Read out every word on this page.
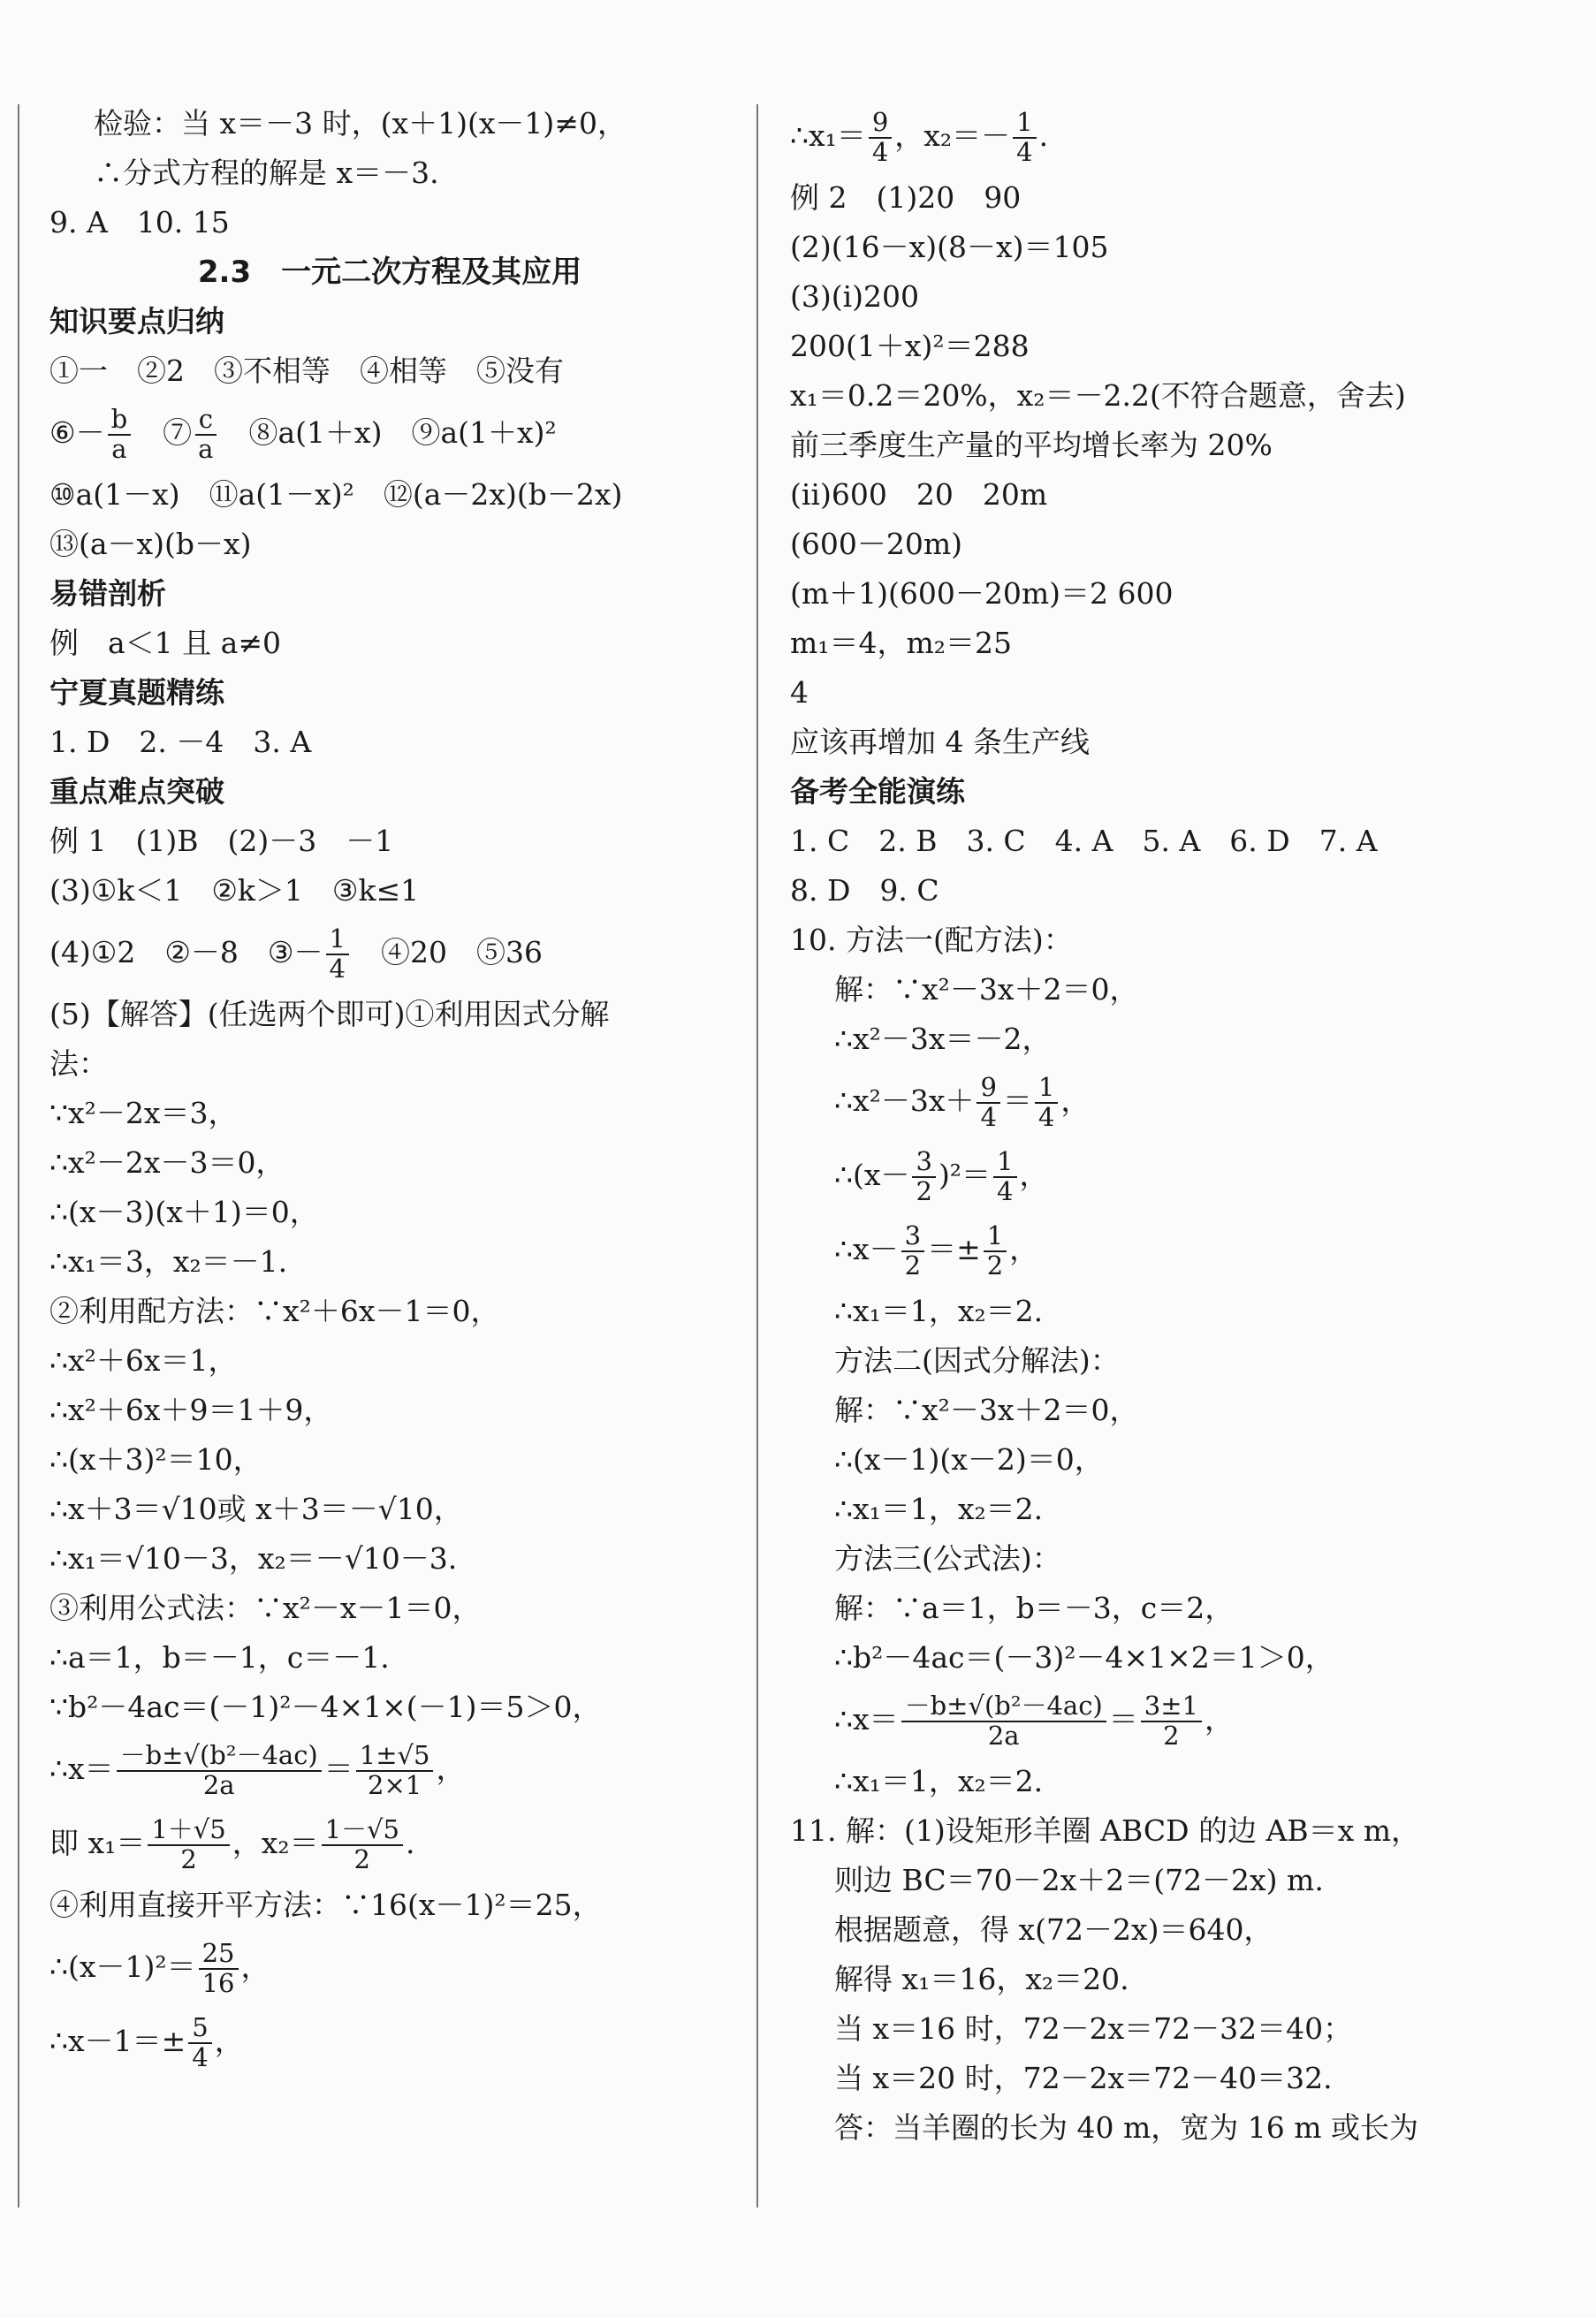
检验：当 x＝－3 时，(x＋1)(x－1)≠0，
∴分式方程的解是 x＝－3.
9. A　10. 15
2.3　一元二次方程及其应用
知识要点归纳
①一　②2　③不相等　④相等　⑤没有
⑥－ $\frac{b}{a}$ 　⑦ $\frac{c}{a}$ 　⑧a(1＋x)　⑨a(1＋x)²
⑩a(1－x)　⑪a(1－x)²　⑫(a－2x)(b－2x)
⑬(a－x)(b－x)
易错剖析
例　a＜1 且 a≠0
宁夏真题精练
1. D　2. －4　3. A
重点难点突破
例 1　(1)B　(2)－3　－1
(3)①k＜1　②k＞1　③k≤1
(4)①2　②－8　③－ $\frac{1}{4}$ 　④20　⑤36
(5)【解答】(任选两个即可)①利用因式分解
法：
∵x²－2x＝3，
∴x²－2x－3＝0，
∴(x－3)(x＋1)＝0，
∴x₁＝3，x₂＝－1.
②利用配方法：∵x²＋6x－1＝0，
∴x²＋6x＝1，
∴x²＋6x＋9＝1＋9，
∴(x＋3)²＝10，
∴x＋3＝√10或 x＋3＝－√10，
∴x₁＝√10－3，x₂＝－√10－3.
③利用公式法：∵x²－x－1＝0，
∴a＝1，b＝－1，c＝－1.
∵b²－4ac＝(－1)²－4×1×(－1)＝5＞0，
∴x＝ $\frac{\text{－b±√(b²－4ac)}}{2a} = \frac{1\pm√5}{2\times 1}$ ，
即 $x_1= \frac{1+√5}{2}$ ，$x_2= \frac{1-√5}{2}$ .
④利用直接开平方法：∵16(x－1)²＝25，
∴(x－1)²＝ $\frac{25}{16}$ ，
∴x－1＝± $\frac{5}{4}$ ，
∴x₁＝ $\frac{9}{4}$ ，$x_2=- \frac{1}{4}$ .
例 2　(1)20　90
(2)(16－x)(8－x)＝105
(3)(ⅰ)200
200(1＋x)²＝288
x₁＝0.2＝20%，x₂＝－2.2(不符合题意，舍去)
前三季度生产量的平均增长率为 20%
(ⅱ)600　20　20m
(600－20m)
(m＋1)(600－20m)＝2 600
m₁＝4，m₂＝25
4
应该再增加 4 条生产线
备考全能演练
1. C　2. B　3. C　4. A　5. A　6. D　7. A
8. D　9. C
10. 方法一(配方法)：
解：∵x²－3x＋2＝0，
∴x²－3x＝－2，
∴x²－3x＋ $\frac{9}{4} = \frac{1}{4}$ ，
∴(x－ $\frac{3}{2} )^2= \frac{1}{4}$ ，
∴x－ $\frac{3}{2} =\pm \frac{1}{2}$ ，
∴x₁＝1，x₂＝2.
方法二(因式分解法)：
解：∵x²－3x＋2＝0，
∴(x－1)(x－2)＝0，
∴x₁＝1，x₂＝2.
方法三(公式法)：
解：∵a＝1，b＝－3，c＝2，
∴b²－4ac＝(－3)²－4×1×2＝1＞0，
∴x＝ $\frac{\text{－b±√(b²－4ac)}}{2a} = \frac{3\pm 1}{2}$ ，
∴x₁＝1，x₂＝2.
11. 解：(1)设矩形羊圈 ABCD 的边 AB＝x m，
则边 BC＝70－2x＋2＝(72－2x) m.
根据题意，得 x(72－2x)＝640，
解得 x₁＝16，x₂＝20.
当 x＝16 时，72－2x＝72－32＝40；
当 x＝20 时，72－2x＝72－40＝32.
答：当羊圈的长为 40 m，宽为 16 m 或长为
